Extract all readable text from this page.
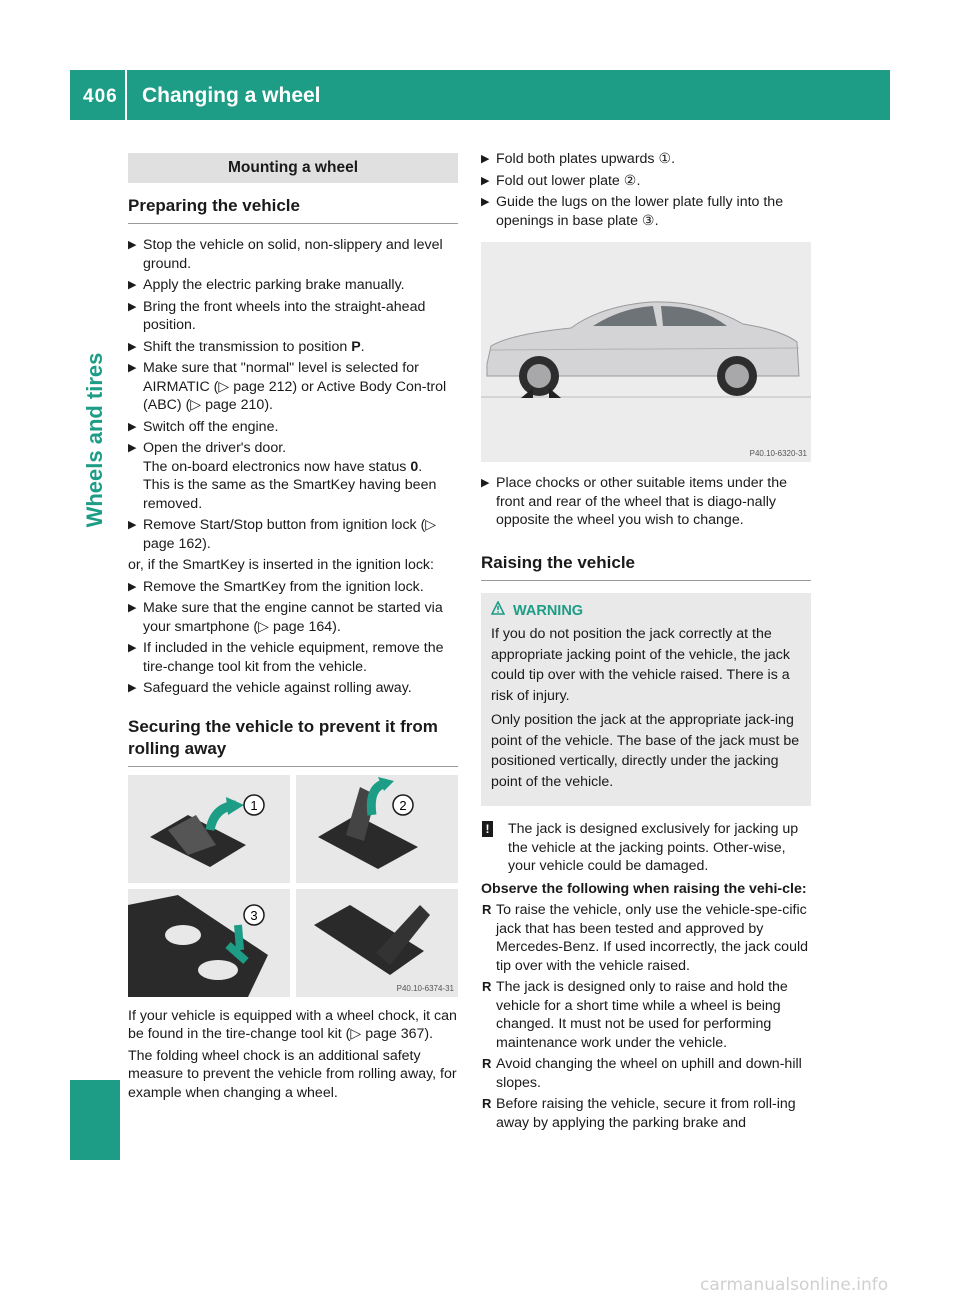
406 Changing a wheel
Wheels and tires
Mounting a wheel
Preparing the vehicle
▶ Stop the vehicle on solid, non-slippery and level ground.
▶ Apply the electric parking brake manually.
▶ Bring the front wheels into the straight-ahead position.
▶ Shift the transmission to position P.
▶ Make sure that "normal" level is selected for AIRMATIC (▷ page 212) or Active Body Con-trol (ABC) (▷ page 210).
▶ Switch off the engine.
▶ Open the driver's door.
The on-board electronics now have status 0.
This is the same as the SmartKey having been removed.
▶ Remove Start/Stop button from ignition lock (▷ page 162).
or, if the SmartKey is inserted in the ignition lock:
▶ Remove the SmartKey from the ignition lock.
▶ Make sure that the engine cannot be started via your smartphone (▷ page 164).
▶ If included in the vehicle equipment, remove the tire-change tool kit from the vehicle.
▶ Safeguard the vehicle against rolling away.
Securing the vehicle to prevent it from rolling away
1	2
3
P40.10-6374-31
If your vehicle is equipped with a wheel chock, it can be found in the tire-change tool kit (▷ page 367).
The folding wheel chock is an additional safety measure to prevent the vehicle from rolling away, for example when changing a wheel.
▶ Fold both plates upwards ①.
▶ Fold out lower plate ②.
▶ Guide the lugs on the lower plate fully into the openings in base plate ③.
P40.10-6320-31
▶ Place chocks or other suitable items under the front and rear of the wheel that is diago-nally opposite the wheel you wish to change.
Raising the vehicle
WARNING

If you do not position the jack correctly at the appropriate jacking point of the vehicle, the jack could tip over with the vehicle raised. There is a risk of injury.

Only position the jack at the appropriate jack-ing point of the vehicle. The base of the jack must be positioned vertically, directly under the jacking point of the vehicle.

! The jack is designed exclusively for jacking up the vehicle at the jacking points. Other-wise, your vehicle could be damaged.
Observe the following when raising the vehi-cle:
R To raise the vehicle, only use the vehicle-spe-cific jack that has been tested and approved by Mercedes-Benz. If used incorrectly, the jack could tip over with the vehicle raised.
R The jack is designed only to raise and hold the vehicle for a short time while a wheel is being changed. It must not be used for performing maintenance work under the vehicle.
R Avoid changing the wheel on uphill and down-hill slopes.
R Before raising the vehicle, secure it from roll-ing away by applying the parking brake and
carmanualsonline.info
